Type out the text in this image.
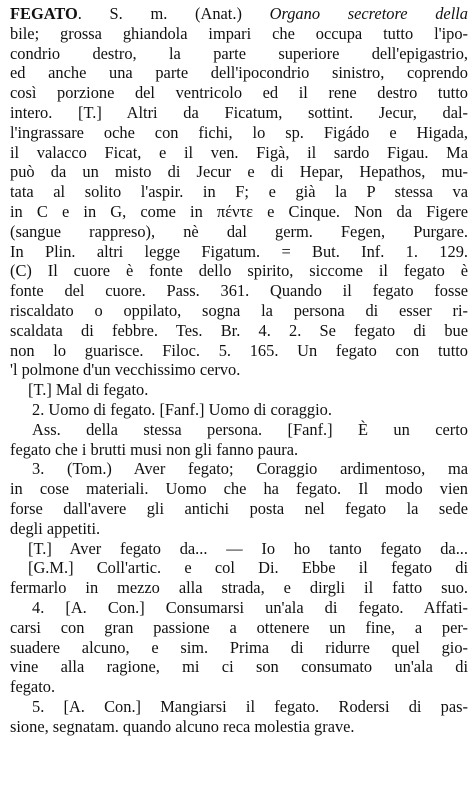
FEGATO. S. m. (Anat.) Organo secretore della
bile; grossa ghiandola impari che occupa tutto l'ipo-
condrio destro, la parte superiore dell'epigastrio,
ed anche una parte dell'ipocondrio sinistro, coprendo
così porzione del ventricolo ed il rene destro tutto
intero. [T.] Altri da Ficatum, sottint. Jecur, dal-
l'ingrassare oche con fichi, lo sp. Figádo e Higada,
il valacco Ficat, e il ven. Figà, il sardo Figau. Ma
può da un misto di Jecur e di Hepar, Hepathos, mu-
tata al solito l'aspir. in F; e già la P stessa va
in C e in G, come in πέντε e Cinque. Non da Figere
(sangue rappreso), nè dal germ. Fegen, Purgare.
In Plin. altri legge Figatum. = But. Inf. 1. 129.
(C) Il cuore è fonte dello spirito, siccome il fegato è
fonte del cuore. Pass. 361. Quando il fegato fosse
riscaldato o oppilato, sogna la persona di esser ri-
scaldata di febbre. Tes. Br. 4. 2. Se fegato di bue
non lo guarisce. Filoc. 5. 165. Un fegato con tutto
'l polmone d'un vecchissimo cervo.
[T.] Mal di fegato.
2. Uomo di fegato. [Fanf.] Uomo di coraggio.
Ass. della stessa persona. [Fanf.] È un certo
fegato che i brutti musi non gli fanno paura.
3. (Tom.) Aver fegato; Coraggio ardimentoso, ma
in cose materiali. Uomo che ha fegato. Il modo vien
forse dall'avere gli antichi posta nel fegato la sede
degli appetiti.
[T.] Aver fegato da... — Io ho tanto fegato da...
[G.M.] Coll'artic. e col Di. Ebbe il fegato di
fermarlo in mezzo alla strada, e dirgli il fatto suo.
4. [A. Con.] Consumarsi un'ala di fegato. Affati-
carsi con gran passione a ottenere un fine, a per-
suadere alcuno, e sim. Prima di ridurre quel gio-
vine alla ragione, mi ci son consumato un'ala di
fegato.
5. [A. Con.] Mangiarsi il fegato. Rodersi di pas-
sione, segnatam. quando alcuno reca molestia grave.
